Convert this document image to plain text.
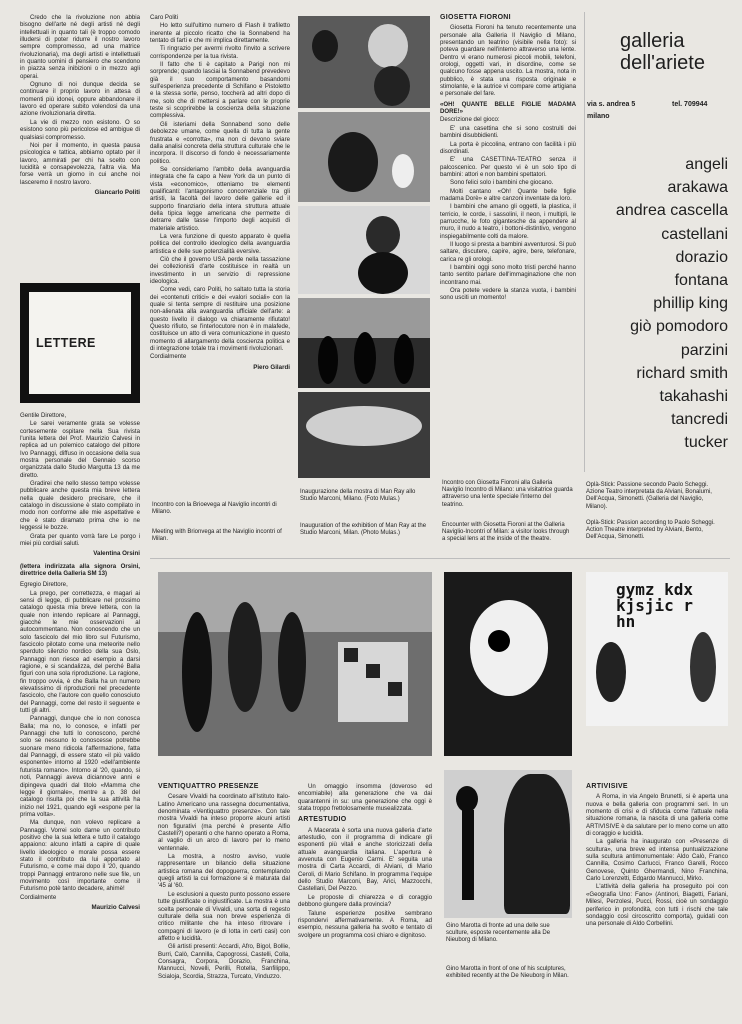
Credo che la rivoluzione non abbia bisogno dell'arte né degli artisti né degli intellettuali in quanto tali (è troppo comodo illudersi di poter ridurre il nostro lavoro sempre compromesso, ad una matrice rivoluzionaria), ma degli artisti e intellettuali in quanto uomini di pensiero che scendono in piazza senza inibizioni o in mezzo agli operai.

Ognuno di noi dunque decida se continuare il proprio lavoro in attesa di momenti più idonei, oppure abbandonare il lavoro ed operare subito volendosi da una azione rivoluzionaria diretta.

La vie di mezzo non esistono. O so esistono sono più pericolose ed ambigue di qualsiasi compromesso.

Noi per il momento, in questa pausa psicologica e tattica, abbiamo optato per il lavoro, ammirati per chi ha scelto con lucidità e consapevolezza, l'altra via. Ma forse verrà un giorno in cui anche noi lasceremo il nostro lavoro.

Giancarlo Politi
LETTERE

Gentile Direttore,

Le sarei veramente grata se volesse cortesemente ospitare nella Sua rivista l'unita lettera del Prof. Maurizio Calvesi in replica ad un polemico catalogo del pittore Ivo Pannaggi, diffuso in occasione della sua mostra personale del Gennaio scorso organizzata dallo Studio Margutta 13 da me diretto.

Gradirei che nello stesso tempo volesse pubblicare anche questa mia breve lettera nella quale desidero precisare, che il catalogo in discussione è stato compilato in modo non conforme alle mie aspettative e che è stato diramato prima che io ne leggessi le bozze.

Grata per quanto vorrà fare Le porgo i miei più cordiali saluti.

Valentina Orsini

(lettera indirizzata alla signora Orsini, direttrice della Galleria SM 13)

Egregio Direttore,

La prego, per correttezza, e magari ai sensi di legge, di pubblicare nel prossimo catalogo questa mia breve lettera, con la quale non intendo replicare al Pannaggi, giacché le mie osservazioni al autocommentano. Non conoscendo che un solo fascicolo del mio libro sul Futurismo, fascicolo pilotato come una meteorite nello sperduto silenzio nordico della sua Oslo, Pannaggi non riesce ad esempio a darsi ragione, e si scandalizza, del perché Balla figuri con una sola riproduzione. La ragione, fin troppo ovvia, è che Balla ha un numero elevatissimo di riproduzioni nel precedente fascicolo, che l'autore con quello conosciuto del Pannaggi, come del resto il seguente e tutti gli altri.

Pannaggi, dunque che io non conosca Balla; ma no, lo conosce, e infatti per Pannaggi che tutti lo conoscono, perché solo se nessuno lo conoscesse potrebbe suonare meno ridicola l'affermazione, fatta dal Pannaggi, di essere stato «il più valido esponente» intorno al 1920 «dell'ambiente futurista romano». Intorno al '20, quando, si noti, Pannaggi aveva diciannove anni e dipingeva quadri dal titolo «Mamma che legge il giornale», mentre a p. 38 del catalogo risulta poi che la sua attività ha inizio nel 1921, quando egli «espone per la prima volta».

Ma dunque, non volevo replicare a Pannaggi. Vorrei solo darne un contributo positivo che la sua lettera e tutto il catalogo appaiono: alcuno infatti a capire di quale livello ideologico e morale possa essere stato il contributo da lui apportato al Futurismo, e come mai dopo il '20, quando troppi Pannaggi entrarono nelle sue file, un movimento così importante come il Futurismo potè tanto decadere, ahimè!

Cordialmente

Maurizio Calvesi

Caro Politi

Ho letto sull'ultimo numero di Flash il trafiletto inerente al piccolo ricatto che la Sonnabend ha tentato di farti e che mi implica direttamente.

Ti ringrazio per avermi rivolto l'invito a scrivere corrispondenze per la tua rivista.

Il fatto che ti è capitato a Parigi non mi sorprende; quando lasciai la Sonnabend prevedevo già il suo comportamento basandomi sull'esperienza precedente di Schifano e Pistoletto e la stessa sorte, penso, toccherà ad altri dopo di me, solo che di mettersi a parlare con le proprie teste si scoprirebbe la coscienza della situazione complessiva.

Gli isteriami della Sonnabend sono delle debolezze umane, come quella di tutta la gente frustrata e «corrotta», ma non ci devono sviare dalla analisi concreta della struttura culturale che le incorpora. Il discorso di fondo è necessariamente politico.

Se consideriamo l'ambito della avanguardia integrata che fa capo a New York da un punto di vista «economico», otteniamo tre elementi qualificanti: l'antagonismo concorrenziale tra gli artisti, la facoltà del lavoro delle gallerie ed il supporto finanziario della intera struttura attuale della tipica legge americana che permette di detrarre dalle tasse l'importo degli acquisti di materiale artistico.

La vera funzione di questo apparato è quella politica del controllo ideologico della avanguardia artistica e delle sue potenzialità eversive.

Ciò che il governo USA perde nella tassazione dei collezionisti d'arte costituisce in realtà un investimento in un servizio di repressione ideologica.

Come vedi, caro Politi, ho saltato tutta la storia dei «contenuti critici» e dei «valori sociali» con la quale si tenta sempre di restituire una posizione non-alienata alla avanguardia ufficiale dell'arte: a questo livello il dialogo va chiaramente rifiutato! Questo rifiuto, se l'interlocutore non è in malafede, costituisce un atto di vera comunicazione in questo momento di allargamento della coscienza politica e di integrazione totale tra i movimenti rivoluzionari.

Cordialmente

Piero Gilardi
Inaugurazione della mostra di Man Ray allo Studio Marconi, Milano. (Foto Mulas.)
Inauguration of the exhibition of Man Ray at the Studio Marconi, Milan. (Photo Mulas.)
Incontro con la Brioevega al Naviglio incontri di Milano.
Meeting with Brionvega at the Naviglio incontri of Milan.
GIOSETTA FIORONI

Giosetta Fioroni ha tenuto recentemente una personale alla Galleria Il Naviglio di Milano, presentando un teatrino (visibile nella foto): si poteva guardare nell'interno attraverso una lente. Dentro vi erano numerosi piccoli mobili, telefoni, orologi, oggetti vari, in disordine, come se qualcuno fosse appena uscito. La mostra, nota in pubblico, è stata una risposta originale e stimolante, e la autrice vi compare come artigiana e personale del fare.

«OH! QUANTE BELLE FIGLIE MADAMA DORE!»

Descrizione del gioco:

E' una casettina che si sono costruiti dei bambini disubbidienti.

La porta è piccolina, entrano con facilità i più disordinati.

E' una CASETTINA-TEATRO senza il palcoscenico. Per questo vi è un solo tipo di bambini: attori e non bambini spettatori.

Sono felici solo i bambini che giocano.

Molti cantano «Oh! Quante belle figlie madama Dorè» e altre canzoni inventate da loro.

I bambini che amano gli oggetti, la plastica, il terricio, le corde, i sassolini, il neon, i multipli, le parrucche, le foto gigantesche da appendere al muro, il nudo a teatro, i bottoni-distintivo, vengono inspiegabilmente colti da malore.

Il luogo si presta a bambini avventurosi. Si può saltare, discutere, capire, agire, bere, telefonare, carica re gli orologi.

I bambini oggi sono molto tristi perché hanno tanto sentito parlare dell'immaginazione che non incontrano mai.

Ora potete vedere la stanza vuota, i bambini sono usciti un momento!

Incontro con Giosetta Fioroni alla Galleria Naviglio Incontro di Milano: una visitatrice guarda attraverso una lente speciale l'interno del teatrino.
Encounter with Giosetta Fioroni at the Galleria Naviglio-Incontri of Milan: a visitor looks through a special lens at the inside of the theatre.
galleria dell'ariete
via s. andrea 5	tel. 709944
milano
angeli
arakawa
andrea cascella
castellani
dorazio
fontana
phillip king
giò pomodoro
parzini
richard smith
takahashi
tancredi
tucker
Oplà-Stick: Passione secondo Paolo Scheggi. Azione Teatro interpretata da Alviani, Bonalumi, Dell'Acqua, Simonetti. (Galleria del Naviglio, Milano).
Oplà-Stick: Passion according to Paolo Scheggi. Action Theatre interpreted by Alviani, Bento, Dell'Acqua, Simonetti.
gymz kdx kjsjic rhn
VENTIQUATTRO PRESENZE

Cesare Vivaldi ha coordinato all'Istituto Italo-Latino Americano una rassegna documentativa, denominata «Ventiquattro presenze». Con tale mostra Vivaldi ha inteso proporre alcuni artisti non figurativi (ma perché è presente Alfio Castelli?) operanti o che hanno operato a Roma, al vaglio di un arco di lavoro per lo meno ventennale.

La mostra, a nostro avviso, vuole rappresentare un bilancio della situazione artistica romana del dopoguerra, contemplando quegli artisti la cui formazione si è maturata dal '45 al '60.

Le esclusioni a questo punto possono essere tutte giustificate o ingiustificate. La mostra è una scelta personale di Vivaldi, una sorta di regesto culturale della sua non breve esperienza di critico militante che ha inteso ritrovare i compagni di lavoro (e di lotta in certi casi) con affetto e lucidità.

Gli artisti presenti: Accardi, Afro, Bigol, Bollie, Burri, Calò, Cannilla, Capogrossi, Castelli, Colla, Consagra, Corpora, Dorazio, Franchina, Mannucci, Novelli, Perilli, Rotella, Sanfilippo, Scialoja, Scordia, Strazza, Turcato, Vinduzzo.

Un omaggio insomma (doveroso ed encomiabile) alla generazione che va dai quarantenni in su: una generazione che oggi è stata troppo frettolosamente musealizzata.

ARTESTUDIO

A Macerata è sorta una nuova galleria d'arte artestudio, con il programma di indicare gli esponenti più vitali e anche storicizzati della attuale avanguardia italiana. L'apertura è avvenuta con Eugenio Carmi. E' seguita una mostra di Carta Accardi, di Alviani, di Mario Ceroli, di Mario Schifano. In programma l'equipe dello Studio Marconi, Bay, Arici, Mazzocchi, Castellani, Del Pezzo.

Le proposte di chiarezza e di coraggio debbono giungere dalla provincia?

Talune esperienze positive sembrano rispondervi affermativamente. A Roma, ad esempio, nessuna galleria ha svolto e tentato di svolgere un programma così chiaro e dignitoso.

Gino Marotta di fronte ad una delle sue sculture, esposte recentemente alla De Nieuborg di Milano.
Gino Marotta in front of one of his sculptures, exhibited recently at the De Nieuborg in Milan.
ARTIVISIVE

A Roma, in via Angelo Brunetti, si è aperta una nuova e bella galleria con programmi seri. In un momento di crisi e di sfiducia come l'attuale nella situazione romana, la nascita di una galleria come ARTIVISIVE è da salutare per lo meno come un atto di coraggio e lucidità.

La galleria ha inaugurato con «Presenze di scultura», una breve ed intensa puntualizzazione sulla scultura antimonumentale: Aldo Calò, Franco Cannilla, Cosimo Carlucci, Franco Garelli, Rocco Genovese, Quinto Ghermandi, Nino Franchina, Carlo Lorenzetti, Edgardo Mannucci, Mirko.

L'attività della galleria ha proseguito poi con «Geografia Uno: Fano» (Antinori, Biagetti, Fariani, Milesi, Perzolesi, Pucci, Rossi, cioè un sondaggio periferico in profondità, con tutti i rischi che tale sondaggio così circoscritto comporta), guidati con una personale di Aldo Corbellini.
